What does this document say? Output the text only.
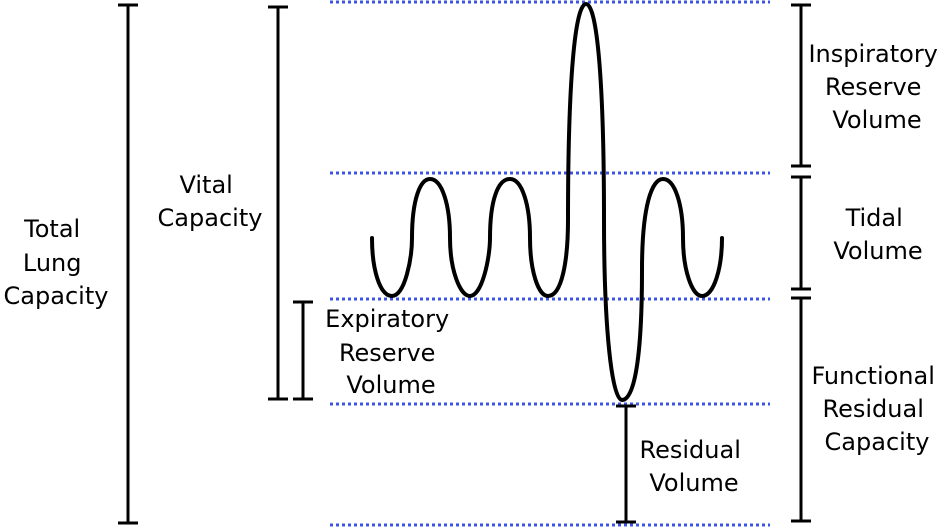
Total Lung Capacity
Vital Capacity
Expiratory Reserve Volume
Residual Volume
Inspiratory Reserve Volume
Tidal Volume
Functional Residual Capacity
